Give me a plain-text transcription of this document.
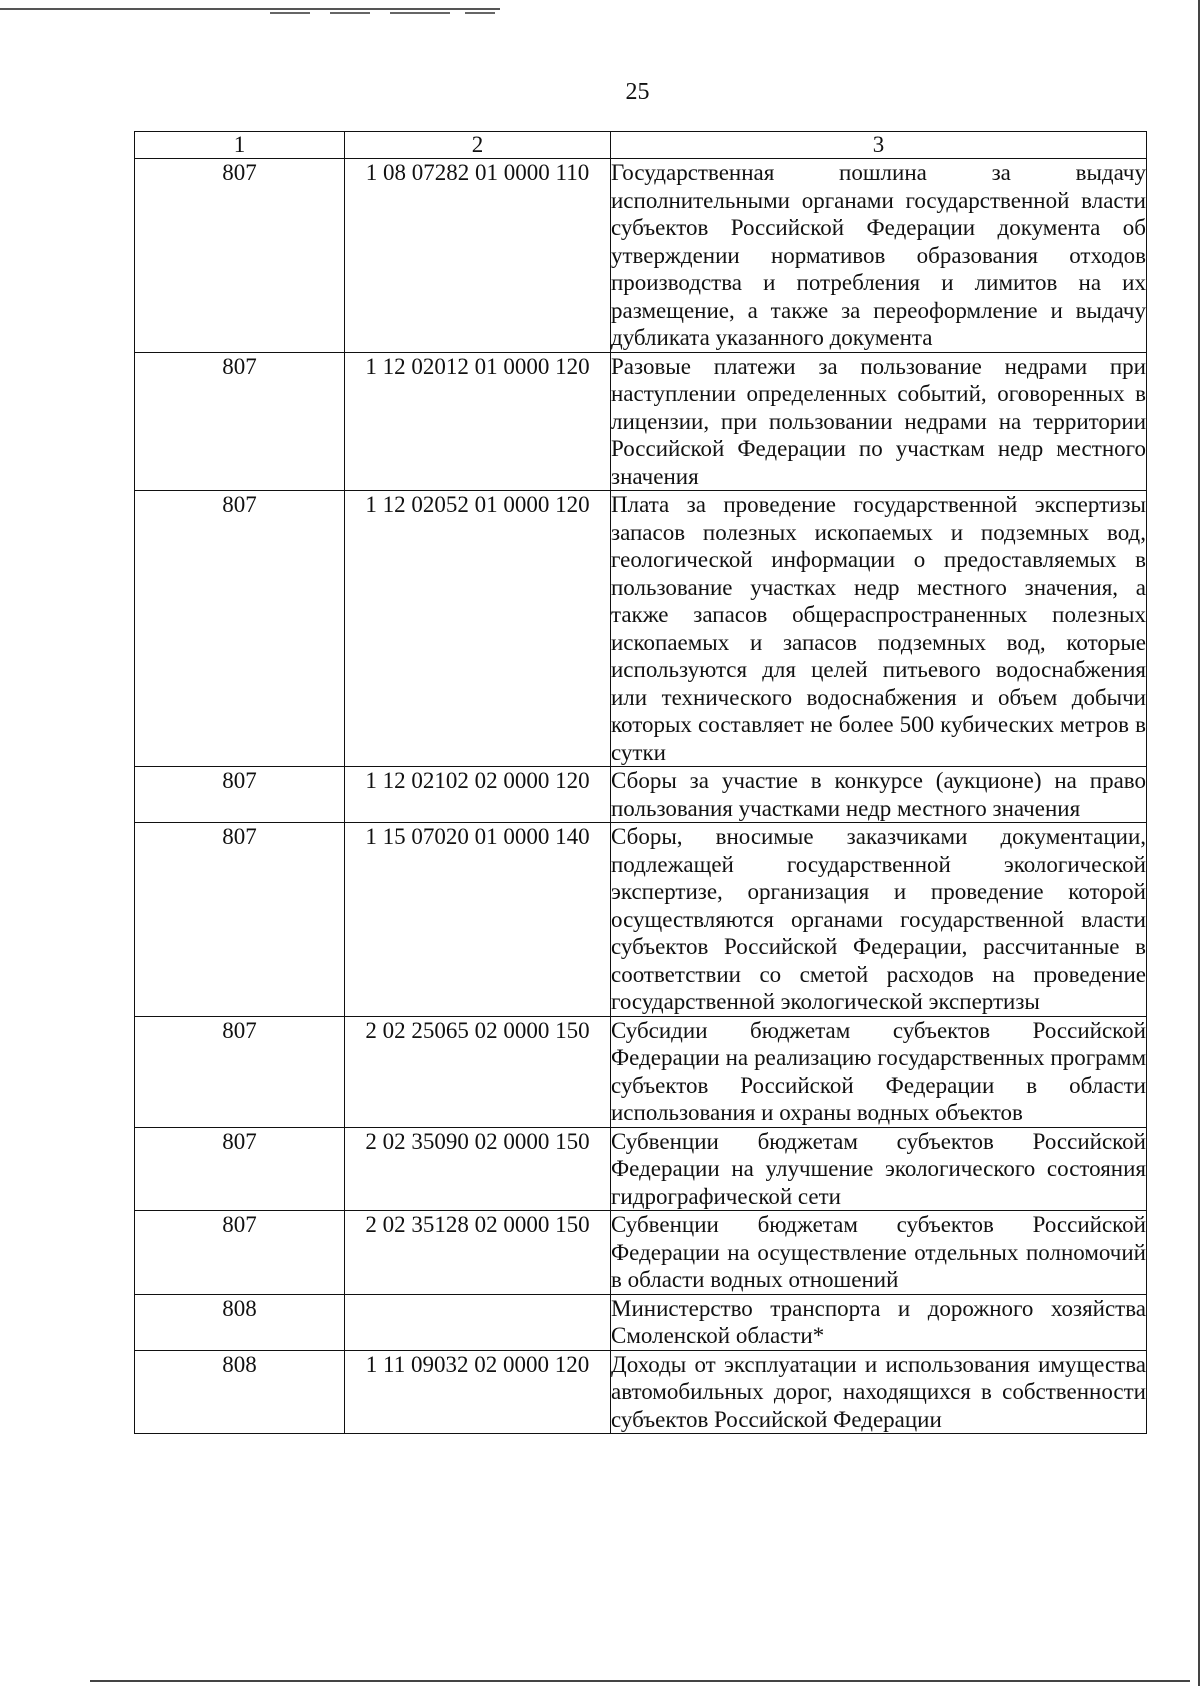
25
1	2	3
807	1 08 07282 01 0000 110	Государственная пошлина за выдачу исполнительными органами государственной власти субъектов Российской Федерации документа об утверждении нормативов образования отходов производства и потребления и лимитов на их размещение, а также за переоформление и выдачу дубликата указанного документа
807	1 12 02012 01 0000 120	Разовые платежи за пользование недрами при наступлении определенных событий, оговоренных в лицензии, при пользовании недрами на территории Российской Федерации по участкам недр местного значения
807	1 12 02052 01 0000 120	Плата за проведение государственной экспертизы запасов полезных ископаемых и подземных вод, геологической информации о предоставляемых в пользование участках недр местного значения, а также запасов общераспространенных полезных ископаемых и запасов подземных вод, которые используются для целей питьевого водоснабжения или технического водоснабжения и объем добычи которых составляет не более 500 кубических метров в сутки
807	1 12 02102 02 0000 120	Сборы за участие в конкурсе (аукционе) на право пользования участками недр местного значения
807	1 15 07020 01 0000 140	Сборы, вносимые заказчиками документации, подлежащей государственной экологической экспертизе, организация и проведение которой осуществляются органами государственной власти субъектов Российской Федерации, рассчитанные в соответствии со сметой расходов на проведение государственной экологической экспертизы
807	2 02 25065 02 0000 150	Субсидии бюджетам субъектов Российской Федерации на реализацию государственных программ субъектов Российской Федерации в области использования и охраны водных объектов
807	2 02 35090 02 0000 150	Субвенции бюджетам субъектов Российской Федерации на улучшение экологического состояния гидрографической сети
807	2 02 35128 02 0000 150	Субвенции бюджетам субъектов Российской Федерации на осуществление отдельных полномочий в области водных отношений
808		Министерство транспорта и дорожного хозяйства Смоленской области*
808	1 11 09032 02 0000 120	Доходы от эксплуатации и использования имущества автомобильных дорог, находящихся в собственности субъектов Российской Федерации
